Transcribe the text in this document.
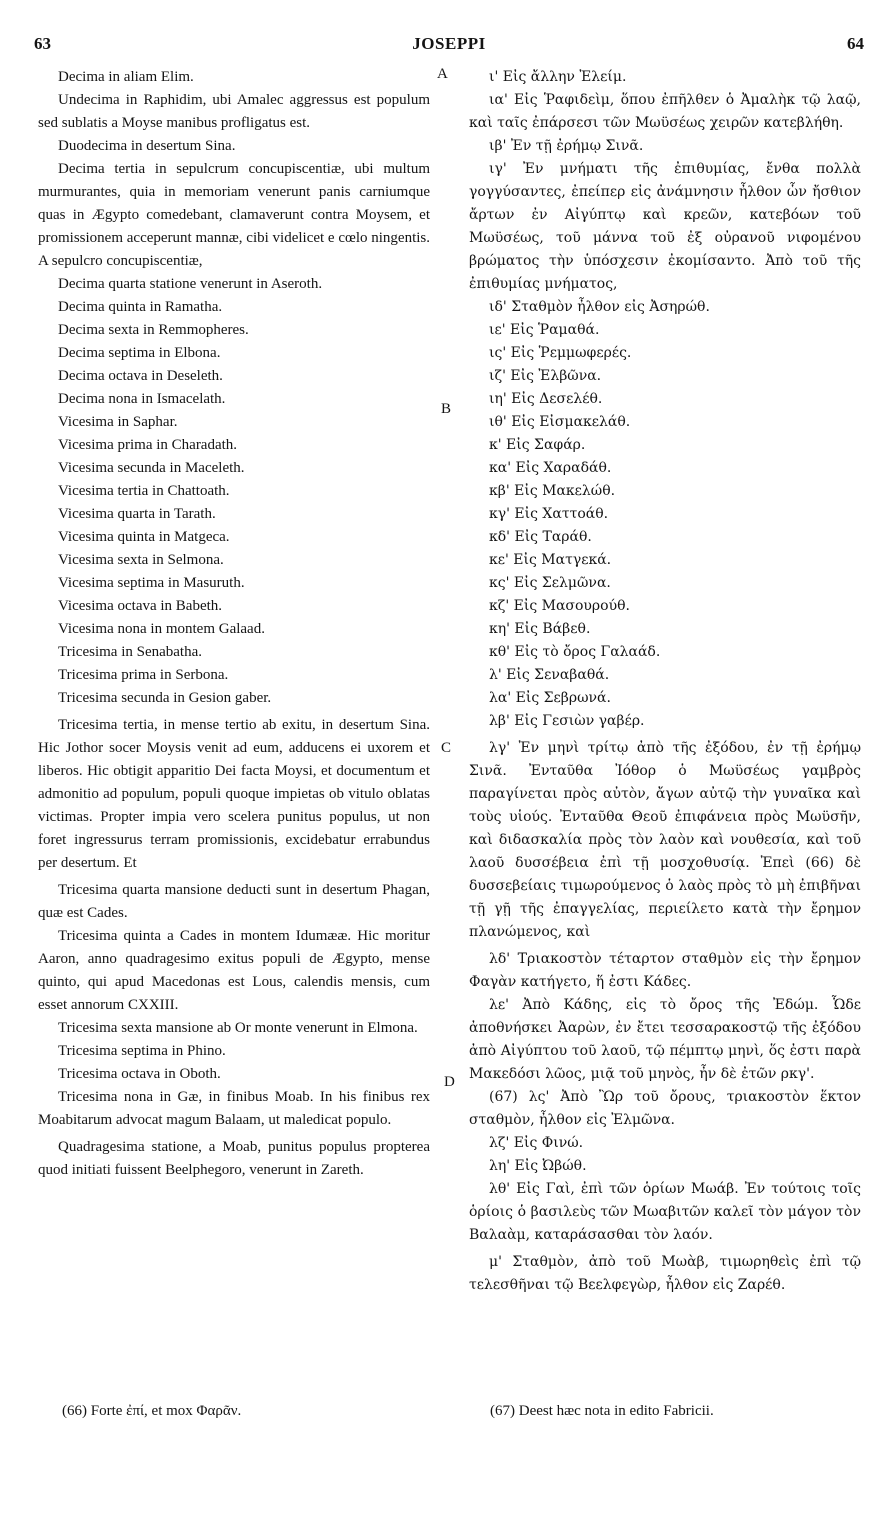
63	JOSEPPI	64
A
B
C
D

Decima in aliam Elim.

Undecima in Raphidim, ubi Amalec aggressus est populum sed sublatis a Moyse manibus profligatus est.

Duodecima in desertum Sina.

Decima tertia in sepulcrum concupiscentiæ, ubi multum murmurantes, quia in memoriam venerunt panis carniumque quas in Ægypto comedebant, clamaverunt contra Moysem, et promissionem acceperunt mannæ, cibi videlicet e cœlo ningentis. A sepulcro concupiscentiæ,

Decima quarta statione venerunt in Aseroth.

Decima quinta in Ramatha.

Decima sexta in Remmopheres.

Decima septima in Elbona.

Decima octava in Deseleth.

Decima nona in Ismacelath.

Vicesima in Saphar.

Vicesima prima in Charadath.

Vicesima secunda in Maceleth.

Vicesima tertia in Chattoath.

Vicesima quarta in Tarath.

Vicesima quinta in Matgeca.

Vicesima sexta in Selmona.

Vicesima septima in Masuruth.

Vicesima octava in Babeth.

Vicesima nona in montem Galaad.

Tricesima in Senabatha.

Tricesima prima in Serbona.

Tricesima secunda in Gesion gaber.

Tricesima tertia, in mense tertio ab exitu, in desertum Sina. Hic Jothor socer Moysis venit ad eum, adducens ei uxorem et liberos. Hic obtigit apparitio Dei facta Moysi, et documentum et admonitio ad populum, populi quoque impietas ob vitulo oblatas victimas. Propter impia vero scelera punitus populus, ut non foret ingressurus terram promissionis, excidebatur errabundus per desertum. Et

Tricesima quarta mansione deducti sunt in desertum Phagan, quæ est Cades.

Tricesima quinta a Cades in montem Idumææ. Hic moritur Aaron, anno quadragesimo exitus populi de Ægypto, mense quinto, qui apud Macedonas est Lous, calendis mensis, cum esset annorum CXXIII.

Tricesima sexta mansione ab Or monte venerunt in Elmona.

Tricesima septima in Phino.

Tricesima octava in Oboth.

Tricesima nona in Gæ, in finibus Moab. In his finibus rex Moabitarum advocat magum Balaam, ut maledicat populo.

Quadragesima statione, a Moab, punitus populus propterea quod initiati fuissent Beelphegoro, venerunt in Zareth.

ι' Εἰς ἄλλην Ἐλείμ.

ια' Εἰς Ῥαφιδεὶμ, ὅπου ἐπῆλθεν ὁ Ἀμαλὴκ τῷ λαῷ, καὶ ταῖς ἐπάρσεσι τῶν Μωϋσέως χειρῶν κατεβλήθη.

ιβ' Ἐν τῇ ἐρήμῳ Σινᾶ.

ιγ' Ἐν μνήματι τῆς ἐπιθυμίας, ἔνθα πολλὰ γογγύσαντες, ἐπείπερ εἰς ἀνάμνησιν ἦλθον ὧν ἤσθιον ἄρτων ἐν Αἰγύπτῳ καὶ κρεῶν, κατεβόων τοῦ Μωϋσέως, τοῦ μάννα τοῦ ἐξ οὐρανοῦ νιφομένου βρώματος τὴν ὑπόσχεσιν ἐκομίσαντο. Ἀπὸ τοῦ τῆς ἐπιθυμίας μνήματος,

ιδ' Σταθμὸν ἦλθον εἰς Ἀσηρώθ.

ιε' Εἰς Ῥαμαθά.

ις' Εἰς Ῥεμμωφερές.

ιζ' Εἰς Ἐλβῶνα.

ιη' Εἰς Δεσελέθ.

ιθ' Εἰς Εἰσμακελάθ.

κ' Εἰς Σαφάρ.

κα' Εἰς Χαραδάθ.

κβ' Εἰς Μακελώθ.

κγ' Εἰς Χαττοάθ.

κδ' Εἰς Ταράθ.

κε' Εἰς Ματγεκά.

κς' Εἰς Σελμῶνα.

κζ' Εἰς Μασουρούθ.

κη' Εἰς Βάβεθ.

κθ' Εἰς τὸ ὄρος Γαλαάδ.

λ' Εἰς Σεναβαθά.

λα' Εἰς Σεβρωνά.

λβ' Εἰς Γεσιὼν γαβέρ.

λγ' Ἐν μηνὶ τρίτῳ ἀπὸ τῆς ἐξόδου, ἐν τῇ ἐρήμῳ Σινᾶ. Ἐνταῦθα Ἰόθορ ὁ Μωϋσέως γαμβρὸς παραγίνεται πρὸς αὐτὸν, ἄγων αὐτῷ τὴν γυναῖκα καὶ τοὺς υἱούς. Ἐνταῦθα Θεοῦ ἐπιφάνεια πρὸς Μωϋσῆν, καὶ διδασκαλία πρὸς τὸν λαὸν καὶ νουθεσία, καὶ τοῦ λαοῦ δυσσέβεια ἐπὶ τῇ μοσχοθυσίᾳ. Ἐπεὶ (66) δὲ δυσσεβείαις τιμωρούμενος ὁ λαὸς πρὸς τὸ μὴ ἐπιβῆναι τῇ γῇ τῆς ἐπαγγελίας, περιείλετο κατὰ τὴν ἔρημον πλανώμενος, καὶ

λδ' Τριακοστὸν τέταρτον σταθμὸν εἰς τὴν ἔρημον Φαγὰν κατήγετο, ἥ ἐστι Κάδες.

λε' Ἀπὸ Κάδης, εἰς τὸ ὄρος τῆς Ἐδώμ. Ὧδε ἀποθνήσκει Ἀαρὼν, ἐν ἔτει τεσσαρακοστῷ τῆς ἐξόδου ἀπὸ Αἰγύπτου τοῦ λαοῦ, τῷ πέμπτῳ μηνὶ, ὅς ἐστι παρὰ Μακεδόσι λῶος, μιᾷ τοῦ μηνὸς, ἦν δὲ ἐτῶν ρκγ'.

(67) λς' Ἀπὸ Ὢρ τοῦ ὄρους, τριακοστὸν ἕκτον σταθμὸν, ἦλθον εἰς Ἐλμῶνα.

λζ' Εἰς Φινώ.

λη' Εἰς Ὠβώθ.

λθ' Εἰς Γαὶ, ἐπὶ τῶν ὁρίων Μωάβ. Ἐν τούτοις τοῖς ὁρίοις ὁ βασιλεὺς τῶν Μωαβιτῶν καλεῖ τὸν μάγον τὸν Βαλαὰμ, καταράσασθαι τὸν λαόν.

μ' Σταθμὸν, ἀπὸ τοῦ Μωὰβ, τιμωρηθεὶς ἐπὶ τῷ τελεσθῆναι τῷ Βεελφεγὼρ, ἦλθον εἰς Ζαρέθ.

(66) Forte ἐπί, et mox Φαρᾶν.	(67) Deest hæc nota in edito Fabricii.
